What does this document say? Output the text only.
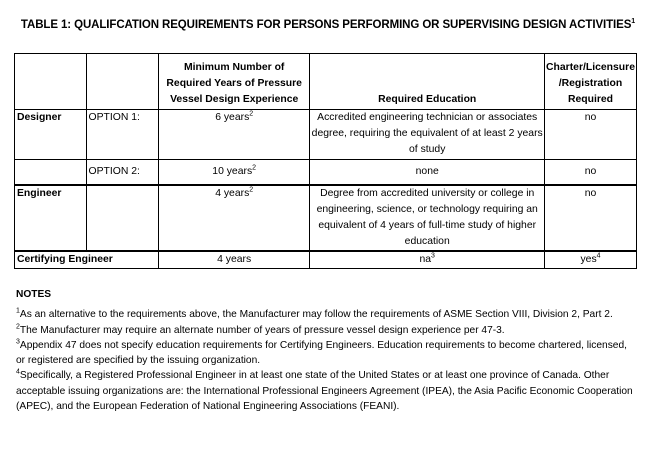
TABLE 1: QUALIFCATION REQUIREMENTS FOR PERSONS PERFORMING OR SUPERVISING DESIGN ACTIVITIES$^1$
		Minimum Number of Required Years of Pressure Vessel Design Experience	Required Education	Charter/Licensure /Registration Required
Designer	OPTION 1:	6 years$^2$	Accredited engineering technician or associates degree, requiring the equivalent of at least 2 years of study	no
	OPTION 2:	10 years$^2$	none	no
Engineer		4 years$^2$	Degree from accredited university or college in engineering, science, or technology requiring an equivalent of 4 years of full-time study of higher education	no
Certifying Engineer		4 years	$na^3$	yes$^4$
NOTES

$^1$As an alternative to the requirements above, the Manufacturer may follow the requirements of ASME Section VIII, Division 2, Part 2.

$^2$The Manufacturer may require an alternate number of years of pressure vessel design experience per 47-3.

$^3$Appendix 47 does not specify education requirements for Certifying Engineers. Education requirements to become chartered, licensed, or registered are specified by the issuing organization.

$^4$Specifically, a Registered Professional Engineer in at least one state of the United States or at least one province of Canada. Other acceptable issuing organizations are: the International Professional Engineers Agreement (IPEA), the Asia Pacific Economic Cooperation (APEC), and the European Federation of National Engineering Associations (FEANI).
